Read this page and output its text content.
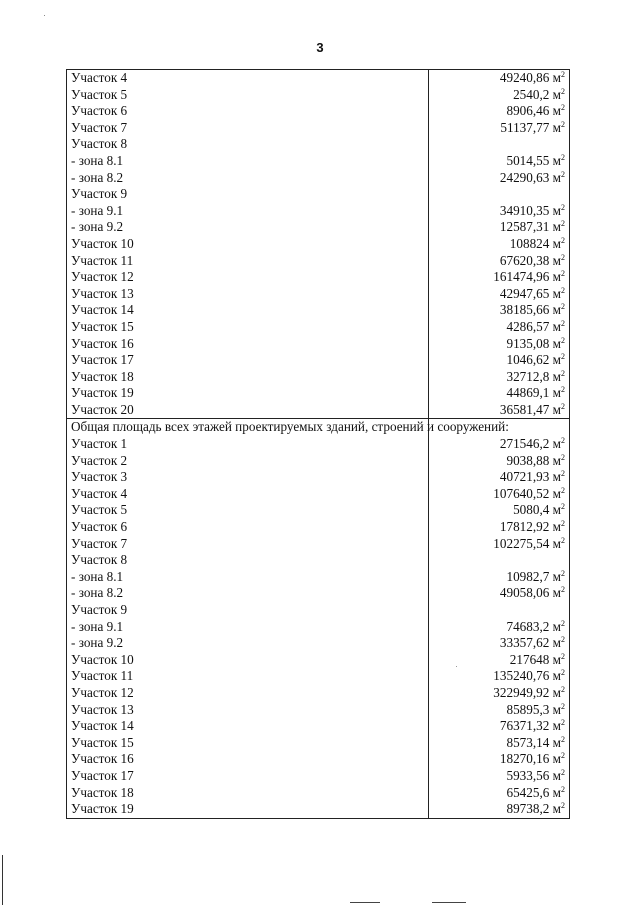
3
Участок 4	49240,86 $м^2$
Участок 5	2540,2 $м^2$
Участок 6	8906,46 $м^2$
Участок 7	51137,77 $м^2$
Участок 8	
- зона 8.1	5014,55 $м^2$
- зона 8.2	24290,63 $м^2$
Участок 9	
- зона 9.1	34910,35 $м^2$
- зона 9.2	12587,31 $м^2$
Участок 10	108824 $м^2$
Участок 11	67620,38 $м^2$
Участок 12	161474,96 $м^2$
Участок 13	42947,65 $м^2$
Участок 14	38185,66 $м^2$
Участок 15	4286,57 $м^2$
Участок 16	9135,08 $м^2$
Участок 17	1046,62 $м^2$
Участок 18	32712,8 $м^2$
Участок 19	44869,1 $м^2$
Участок 20	36581,47 $м^2$
Общая площадь всех этажей проектируемых зданий, строений и сооружений:	
Участок 1	271546,2 $м^2$
Участок 2	9038,88 $м^2$
Участок 3	40721,93 $м^2$
Участок 4	107640,52 $м^2$
Участок 5	5080,4 $м^2$
Участок 6	17812,92 $м^2$
Участок 7	102275,54 $м^2$
Участок 8	
- зона 8.1	10982,7 $м^2$
- зона 8.2	49058,06 $м^2$
Участок 9	
- зона 9.1	74683,2 $м^2$
- зона 9.2	33357,62 $м^2$
Участок 10	217648 $м^2$
Участок 11	135240,76 $м^2$
Участок 12	322949,92 $м^2$
Участок 13	85895,3 $м^2$
Участок 14	76371,32 $м^2$
Участок 15	8573,14 $м^2$
Участок 16	18270,16 $м^2$
Участок 17	5933,56 $м^2$
Участок 18	65425,6 $м^2$
Участок 19	89738,2 $м^2$
